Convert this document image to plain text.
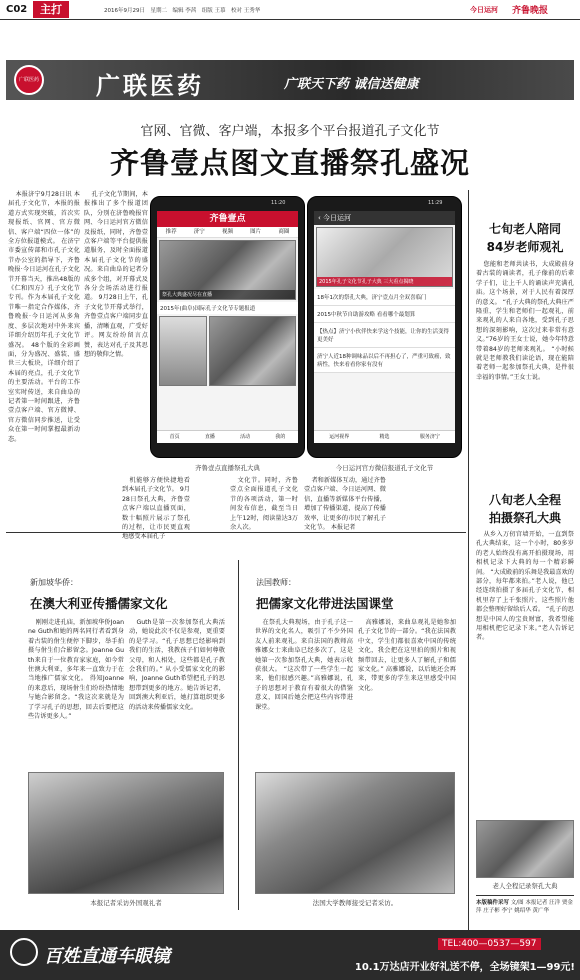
C02	主打	2016年9月29日　星期二　编辑 李茜　组版 王慕　校对 王秀华	今日运河 齐鲁晚报
广联医药 广联医药	广联天下药 诚信送健康
官网、官微、客户端，本报多个平台报道孔子文化节
齐鲁壹点图文直播祭孔盛况

本报济宁9月28日讯 本届孔子文化节，本报的报道方式实现突破，首次实现报纸、官网、官方微信、客户端“四位一体”的全方位报道模式。 在济宁市委宣传部和市孔子文化节办公室的指导下，齐鲁晚报·今日运河在孔子文化节开幕当天，推出48版的《仁和四方》孔子文化节专刊。作为本届孔子文化节唯一指定合作媒体，齐鲁晚报·今日运河从多角度、多层次地对中外来宾详细介绍历年孔子文化节盛况。 48个版的全彩画面，分为盛况、盛装、盛世三大板块，详细介绍了本届的亮点，孔子文化节的主要活动。平台的工作室实时传送，来自曲阜的记者第一时间跟进，齐鲁壹点客户端、官方微博、官方微信同步推送，让受众在第一时间掌握最新动态。

孔子文化节期间，本报推出了多个报道团队，分别在济鲁晚报官网、今日运河官方微信及报纸，同时，齐鲁壹点客户端等平台提供报道服务，及时全面报道本届孔子文化节的盛况。来自曲阜的记者分成多个组，对开幕式及各分会场活动进行报道。 9月28日上午，孔子文化节开幕式举行，齐鲁壹点客户端同步直播，清晰直观，广受好评。网友纷纷留言点赞，表达对孔子及其思想的敬仰之情。

11:20
齐鲁壹点
推荐	济宁	视频	图片	商圈
祭孔大典盛况尽在直播
2015年(曲阜)国际孔子文化节专题报道
首页	直播	活动	我的
11:29
‹ 今日运河
2015年孔子文化节孔子大典 三大看点揭晓
18年1次的祭孔大典，济宁壹点月全双喜临门
2015中秋节自助游攻略 看看哪个最划算
【热点】济宁小伙伴快来学这个技能，让你的生活变得更美好
济宁人近18种调味品以后不再担心了，严重可致癌，致病性，快来看看你家有没有
运河视界	精选	服务济宁
齐鲁壹点直播祭孔大典	今日运河官方微信报道孔子文化节

机能够方便快捷地看到本届孔子文化节。 9月28日祭孔大典，齐鲁壹点客户端以直播页面，数十幅照片展示了祭孔的过程，让市民更直观地感受本届孔子

文化节。同时，齐鲁壹点全面报道孔子文化节的各项活动，第一时间发布信息，截至当日上午12时，阅读量达3万余人次。

者和新媒体互动，通过齐鲁壹点客户端、今日运河网、微信，直播等新媒体平台传播，增加了传播渠道，提高了传播效率，让更多的市民了解孔子文化节。 本报记者

七旬老人陪同
84岁老师观礼

您能和老师共读书，大成殿前身着古装的诵读者，孔子像前的后辈学子们，让上千人的诵读声充满孔庙。这个场景，对于人民有着深厚的意义。 “孔子大典的祭孔大典庄严隆重，学生和老师们一起观礼，前来观礼的人来自各地，受到孔子思想的深刻影响，这次过来非常有意义。”76岁的王女士说，她今年特意带着84岁的老师来观礼。 “小时候就是老师教我们读论语，现在能陪着老师一起参加祭孔大典，是件很幸福的事情。”王女士说。

八旬老人全程
拍摄祭孔大典

从乡入万仞宫墙开始，一直到祭孔大典结束，这一个小时，80多岁的老人始终没有离开拍摄现场，用相机记录下大典的每一个精彩瞬间。 “大成殿前的乐舞是我最喜欢的部分，每年都来拍。”老人说，他已经连续拍摄了多届孔子文化节，相机里存了上千张照片，这些照片他都会整理好留给后人看。 “孔子的思想是中国人的宝贵财富，我希望能用相机把它记录下来。”老人告诉记者。

老人全程记录祭孔大典
本版稿件采写 文/图 本报记者 汪洋 贾金萍 庄子彬 李宁 姚绍华 黄广华
新加坡华侨：
在澳大利亚传播儒家文化

刚刚走进孔庙，新加坡华侨Joanne Guth和她的两名同行者看到身着古装的佾生便停下脚步，举手拍摄与佾生们合影留念。Joanne Guth来自于一位教育家家庭，如今常住澳大利亚，多年来一直致力于在当地推广儒家文化。 得知Joanne的来意后，现场佾生们纷纷热情地与她合影留念。“我这次来就是为了学习孔子的思想，回去后要把这些告诉更多人。”

Guth是第一次参加祭孔大典活动，她说此次不仅是参观，更重要的是学习。“孔子思想已经影响到我们的生活，我教孩子们如何尊敬父母，和人相处，这些都是孔子教会我们的。” 从小受儒家文化的影响，Joanne Guth希望把孔子的思想带到更多的地方。她告诉记者，回到澳大利亚后，她打算组织更多的活动来传播儒家文化。

本报记者采访外国观礼者
法国教师：
把儒家文化带进法国课堂

在祭孔大典现场，由于孔子这一世界的文化名人，吸引了不少外国友人前来观礼。来自法国的教师高雅娜女士来曲阜已经多次了，这是她第一次参加祭孔大典，她表示收获很大。 “这次带了一些学生一起来，他们很感兴趣。”高雅娜说，孔子的思想对于教育有着很大的借鉴意义，回国后她会把这些内容带进课堂。

高雅娜说，来曲阜观礼是她参加孔子文化节的一部分。“我在法国教中文，学生们都很喜欢中国的传统文化，我会把在这里拍的照片和视频带回去，让更多人了解孔子和儒家文化。” 高雅娜说，以后她还会再来，带更多的学生来这里感受中国文化。

法国大学教师接受记者采访。
百姓直通车眼镜
TEL:400—0537—597
10.1万达店开业好礼送不停，全场镜架1—99元!
